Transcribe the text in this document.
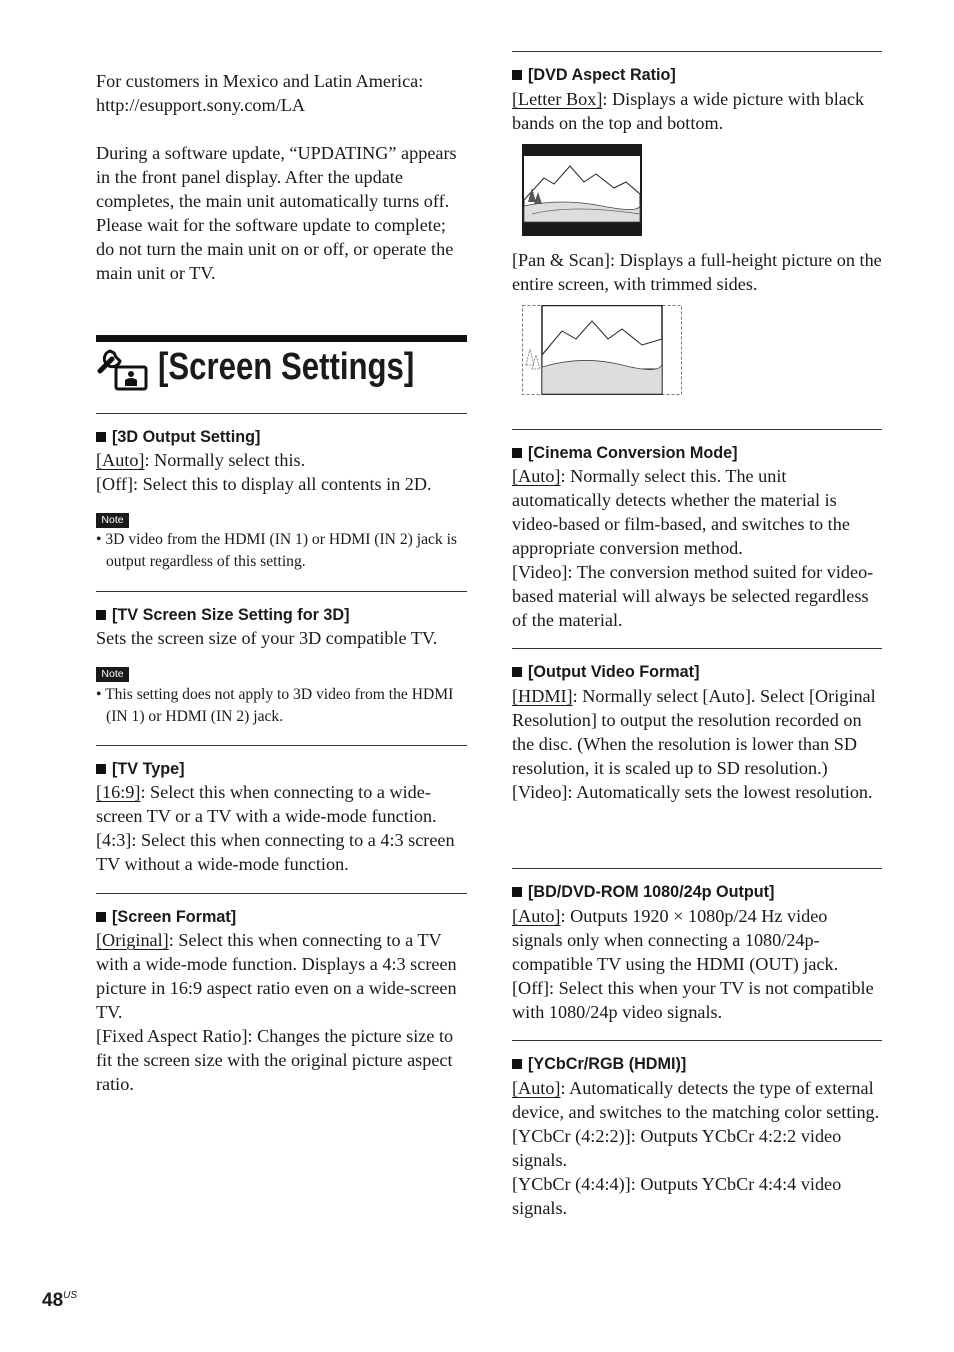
For customers in Mexico and Latin America:
http://esupport.sony.com/LA

During a software update, “UPDATING” appears in the front panel display. After the update completes, the main unit automatically turns off. Please wait for the software update to complete; do not turn the main unit on or off, or operate the main unit or TV.

[Screen Settings]

[3D Output Setting]

[Auto]: Normally select this.
[Off]: Select this to display all contents in 2D.

Note

• 3D video from the HDMI (IN 1) or HDMI (IN 2) jack is output regardless of this setting.

[TV Screen Size Setting for 3D]

Sets the screen size of your 3D compatible TV.

Note

• This setting does not apply to 3D video from the HDMI (IN 1) or HDMI (IN 2) jack.

[TV Type]

[16:9]: Select this when connecting to a wide-screen TV or a TV with a wide-mode function.
[4:3]: Select this when connecting to a 4:3 screen TV without a wide-mode function.

[Screen Format]

[Original]: Select this when connecting to a TV with a wide-mode function. Displays a 4:3 screen picture in 16:9 aspect ratio even on a wide-screen TV.
[Fixed Aspect Ratio]: Changes the picture size to fit the screen size with the original picture aspect ratio.

[DVD Aspect Ratio]

[Letter Box]: Displays a wide picture with black bands on the top and bottom.

[Pan & Scan]: Displays a full-height picture on the entire screen, with trimmed sides.

[Cinema Conversion Mode]

[Auto]: Normally select this. The unit automatically detects whether the material is video-based or film-based, and switches to the appropriate conversion method.
[Video]: The conversion method suited for video-based material will always be selected regardless of the material.

[Output Video Format]

[HDMI]: Normally select [Auto]. Select [Original Resolution] to output the resolution recorded on the disc. (When the resolution is lower than SD resolution, it is scaled up to SD resolution.)
[Video]: Automatically sets the lowest resolution.

[BD/DVD-ROM 1080/24p Output]

[Auto]: Outputs 1920 × 1080p/24 Hz video signals only when connecting a 1080/24p-compatible TV using the HDMI (OUT) jack.
[Off]: Select this when your TV is not compatible with 1080/24p video signals.

[YCbCr/RGB (HDMI)]

[Auto]: Automatically detects the type of external device, and switches to the matching color setting.
[YCbCr (4:2:2)]: Outputs YCbCr 4:2:2 video signals.
[YCbCr (4:4:4)]: Outputs YCbCr 4:4:4 video signals.

$48^{US}$
